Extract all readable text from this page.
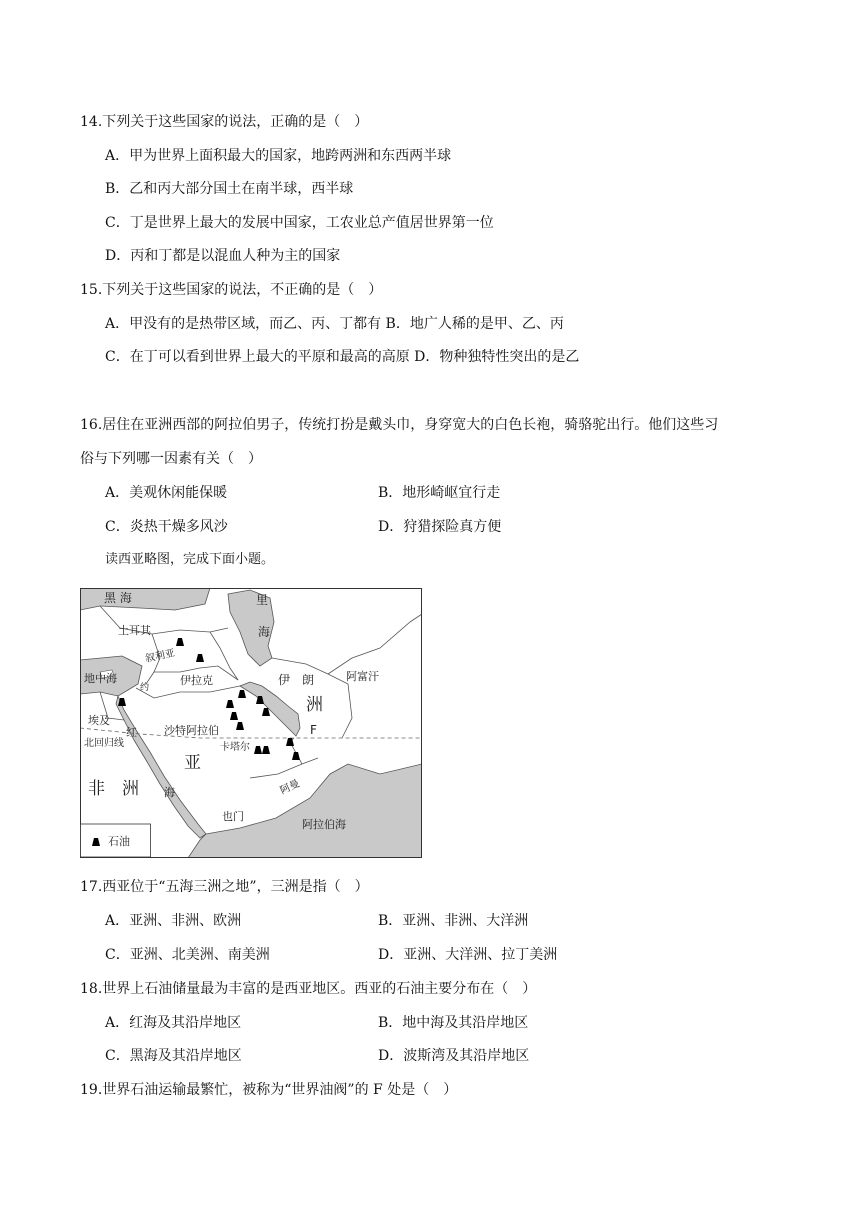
14.下列关于这些国家的说法，正确的是（　）
A．甲为世界上面积最大的国家，地跨两洲和东西两半球
B．乙和丙大部分国土在南半球，西半球
C．丁是世界上最大的发展中国家，工农业总产值居世界第一位
D．丙和丁都是以混血人种为主的国家
15.下列关于这些国家的说法，不正确的是（　）
A．甲没有的是热带区域，而乙、丙、丁都有 B．地广人稀的是甲、乙、丙
C．在丁可以看到世界上最大的平原和最高的高原 D．物种独特性突出的是乙
16.居住在亚洲西部的阿拉伯男子，传统打扮是戴头巾，身穿宽大的白色长袍，骑骆驼出行。他们这些习
俗与下列哪一因素有关（　）
A．美观休闲能保暖	B．地形崎岖宜行走
C．炎热干燥多风沙	D．狩猎探险真方便
读西亚略图，完成下面小题。
石油
黑 海	里
海
土耳其
叙利亚
伊拉克	伊　朗	阿富汗
地中海
约
洲
F
埃及
红
北回归线
沙特阿拉伯
卡塔尔
亚
非　洲 海	阿曼
也门
阿拉伯海
17.西亚位于“五海三洲之地”，三洲是指（　）
A．亚洲、非洲、欧洲	B．亚洲、非洲、大洋洲
C．亚洲、北美洲、南美洲	D．亚洲、大洋洲、拉丁美洲
18.世界上石油储量最为丰富的是西亚地区。西亚的石油主要分布在（　）
A．红海及其沿岸地区	B．地中海及其沿岸地区
C．黑海及其沿岸地区	D．波斯湾及其沿岸地区
19.世界石油运输最繁忙，被称为“世界油阀”的 F 处是（　）
